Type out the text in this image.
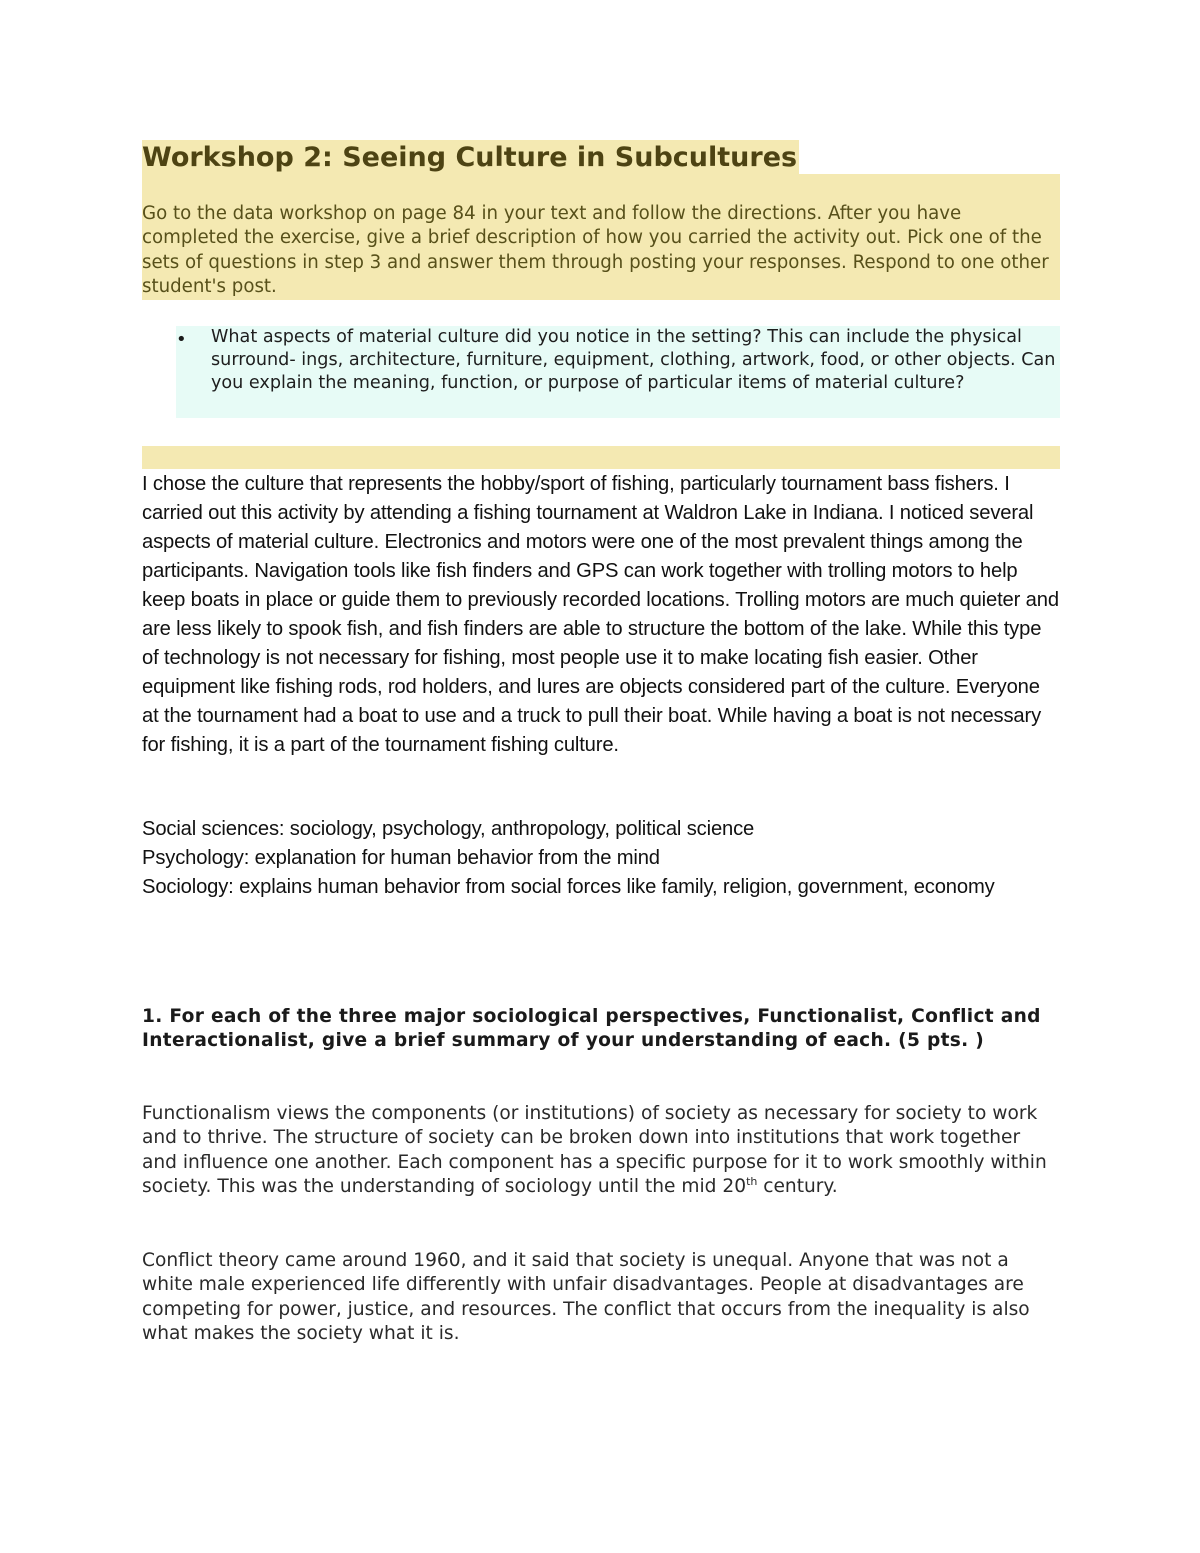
Workshop 2: Seeing Culture in Subcultures
Go to the data workshop on page 84 in your text and follow the directions. After you have completed the exercise, give a brief description of how you carried the activity out. Pick one of the sets of questions in step 3 and answer them through posting your responses. Respond to one other student's post.
• What aspects of material culture did you notice in the setting? This can include the physical surround- ings, architecture, furniture, equipment, clothing, artwork, food, or other objects. Can you explain the meaning, function, or purpose of particular items of material culture?
I chose the culture that represents the hobby/sport of fishing, particularly tournament bass fishers. I carried out this activity by attending a fishing tournament at Waldron Lake in Indiana. I noticed several aspects of material culture. Electronics and motors were one of the most prevalent things among the participants. Navigation tools like fish finders and GPS can work together with trolling motors to help keep boats in place or guide them to previously recorded locations. Trolling motors are much quieter and are less likely to spook fish, and fish finders are able to structure the bottom of the lake. While this type of technology is not necessary for fishing, most people use it to make locating fish easier. Other equipment like fishing rods, rod holders, and lures are objects considered part of the culture. Everyone at the tournament had a boat to use and a truck to pull their boat. While having a boat is not necessary for fishing, it is a part of the tournament fishing culture.
Social sciences: sociology, psychology, anthropology, political science
Psychology: explanation for human behavior from the mind
Sociology: explains human behavior from social forces like family, religion, government, economy
1. For each of the three major sociological perspectives, Functionalist, Conflict and Interactionalist, give a brief summary of your understanding of each. (5 pts. )
Functionalism views the components (or institutions) of society as necessary for society to work and to thrive. The structure of society can be broken down into institutions that work together and influence one another. Each component has a specific purpose for it to work smoothly within society. This was the understanding of sociology until the mid 20th century.
Conflict theory came around 1960, and it said that society is unequal. Anyone that was not a white male experienced life differently with unfair disadvantages. People at disadvantages are competing for power, justice, and resources. The conflict that occurs from the inequality is also what makes the society what it is.
